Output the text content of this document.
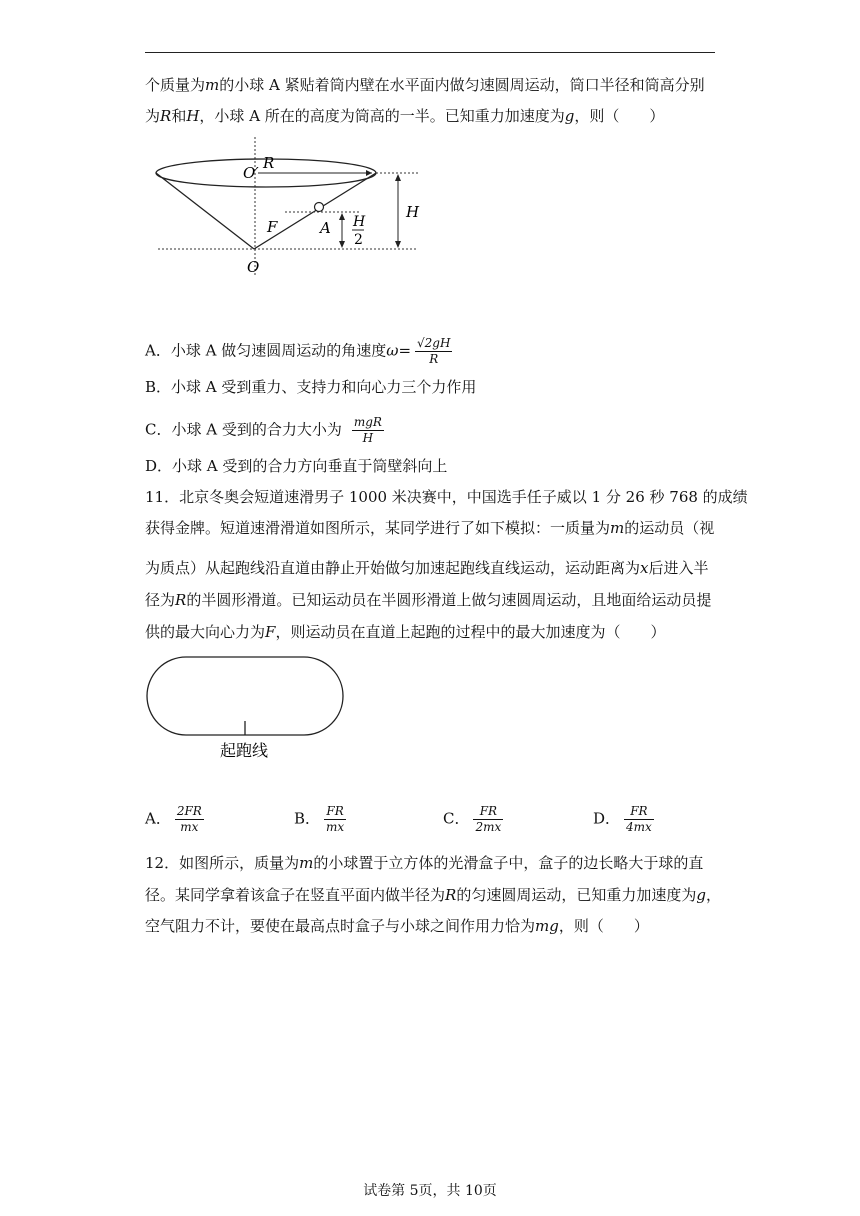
个质量为m的小球 A 紧贴着筒内壁在水平面内做匀速圆周运动，筒口半径和筒高分别
为R和H，小球 A 所在的高度为筒高的一半。已知重力加速度为g，则（　　）
O′
R
F	A
O
H
H
2
A．小球 A 做匀速圆周运动的角速度$\omega= \frac{√2gH}{R}$
B．小球 A 受到重力、支持力和向心力三个力作用
C．小球 A 受到的合力大小为 $\frac{\text{mgR}}{H}$
D．小球 A 受到的合力方向垂直于筒壁斜向上
11．北京冬奥会短道速滑男子 1000 米决赛中，中国选手任子威以 1 分 26 秒 768 的成绩
获得金牌。短道速滑滑道如图所示，某同学进行了如下模拟：一质量为m的运动员（视
为质点）从起跑线沿直道由静止开始做匀加速起跑线直线运动，运动距离为x后进入半
径为R的半圆形滑道。已知运动员在半圆形滑道上做匀速圆周运动，且地面给运动员提
供的最大向心力为F，则运动员在直道上起跑的过程中的最大加速度为（　　）
起跑线
A． $\frac{2FR}{mx}$	B． $\frac{FR}{mx}$	C． $\frac{FR}{2mx}$	D． $\frac{FR}{4mx}$
12．如图所示，质量为m的小球置于立方体的光滑盒子中，盒子的边长略大于球的直
径。某同学拿着该盒子在竖直平面内做半径为R的匀速圆周运动，已知重力加速度为g，
空气阻力不计，要使在最高点时盒子与小球之间作用力恰为mg，则（　　）
试卷第 5页，共 10页
